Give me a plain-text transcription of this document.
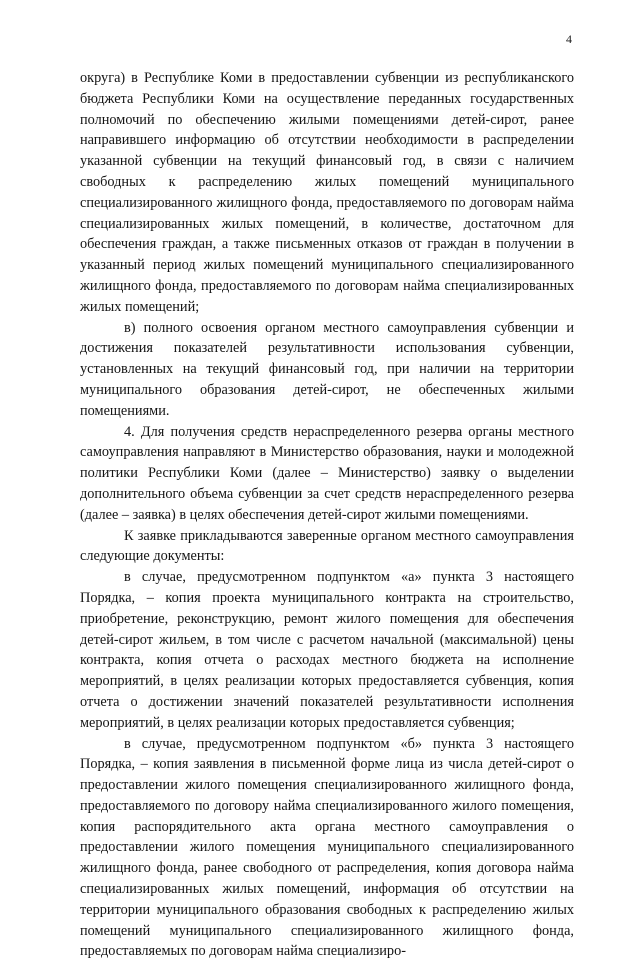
4

округа) в Республике Коми в предоставлении субвенции из республиканского бюджета Республики Коми на осуществление переданных государственных полномочий по обеспечению жилыми помещениями детей-сирот, ранее направившего информацию об отсутствии необходимости в распределении указанной субвенции на текущий финансовый год, в связи с наличием свободных к распределению жилых помещений муниципального специализированного жилищного фонда, предоставляемого по договорам найма специализированных жилых помещений, в количестве, достаточном для обеспечения граждан, а также письменных отказов от граждан в получении в указанный период жилых помещений муниципального специализированного жилищного фонда, предоставляемого по договорам найма специализированных жилых помещений;

в) полного освоения органом местного самоуправления субвенции и достижения показателей результативности использования субвенции, установленных на текущий финансовый год, при наличии на территории муниципального образования детей-сирот, не обеспеченных жилыми помещениями.

4. Для получения средств нераспределенного резерва органы местного самоуправления направляют в Министерство образования, науки и молодежной политики Республики Коми (далее – Министерство) заявку о выделении дополнительного объема субвенции за счет средств нераспределенного резерва (далее – заявка) в целях обеспечения детей-сирот жилыми помещениями.

К заявке прикладываются заверенные органом местного самоуправления следующие документы:

в случае, предусмотренном подпунктом «а» пункта 3 настоящего Порядка, – копия проекта муниципального контракта на строительство, приобретение, реконструкцию, ремонт жилого помещения для обеспечения детей-сирот жильем, в том числе с расчетом начальной (максимальной) цены контракта, копия отчета о расходах местного бюджета на исполнение мероприятий, в целях реализации которых предоставляется субвенция, копия отчета о достижении значений показателей результативности исполнения мероприятий, в целях реализации которых предоставляется субвенция;

в случае, предусмотренном подпунктом «б» пункта 3 настоящего Порядка, – копия заявления в письменной форме лица из числа детей-сирот о предоставлении жилого помещения специализированного жилищного фонда, предоставляемого по договору найма специализированного жилого помещения, копия распорядительного акта органа местного самоуправления о предоставлении жилого помещения муниципального специализированного жилищного фонда, ранее свободного от распределения, копия договора найма специализированных жилых помещений, информация об отсутствии на территории муниципального образования свободных к распределению жилых помещений муниципального специализированного жилищного фонда, предоставляемых по договорам найма специализиро-
